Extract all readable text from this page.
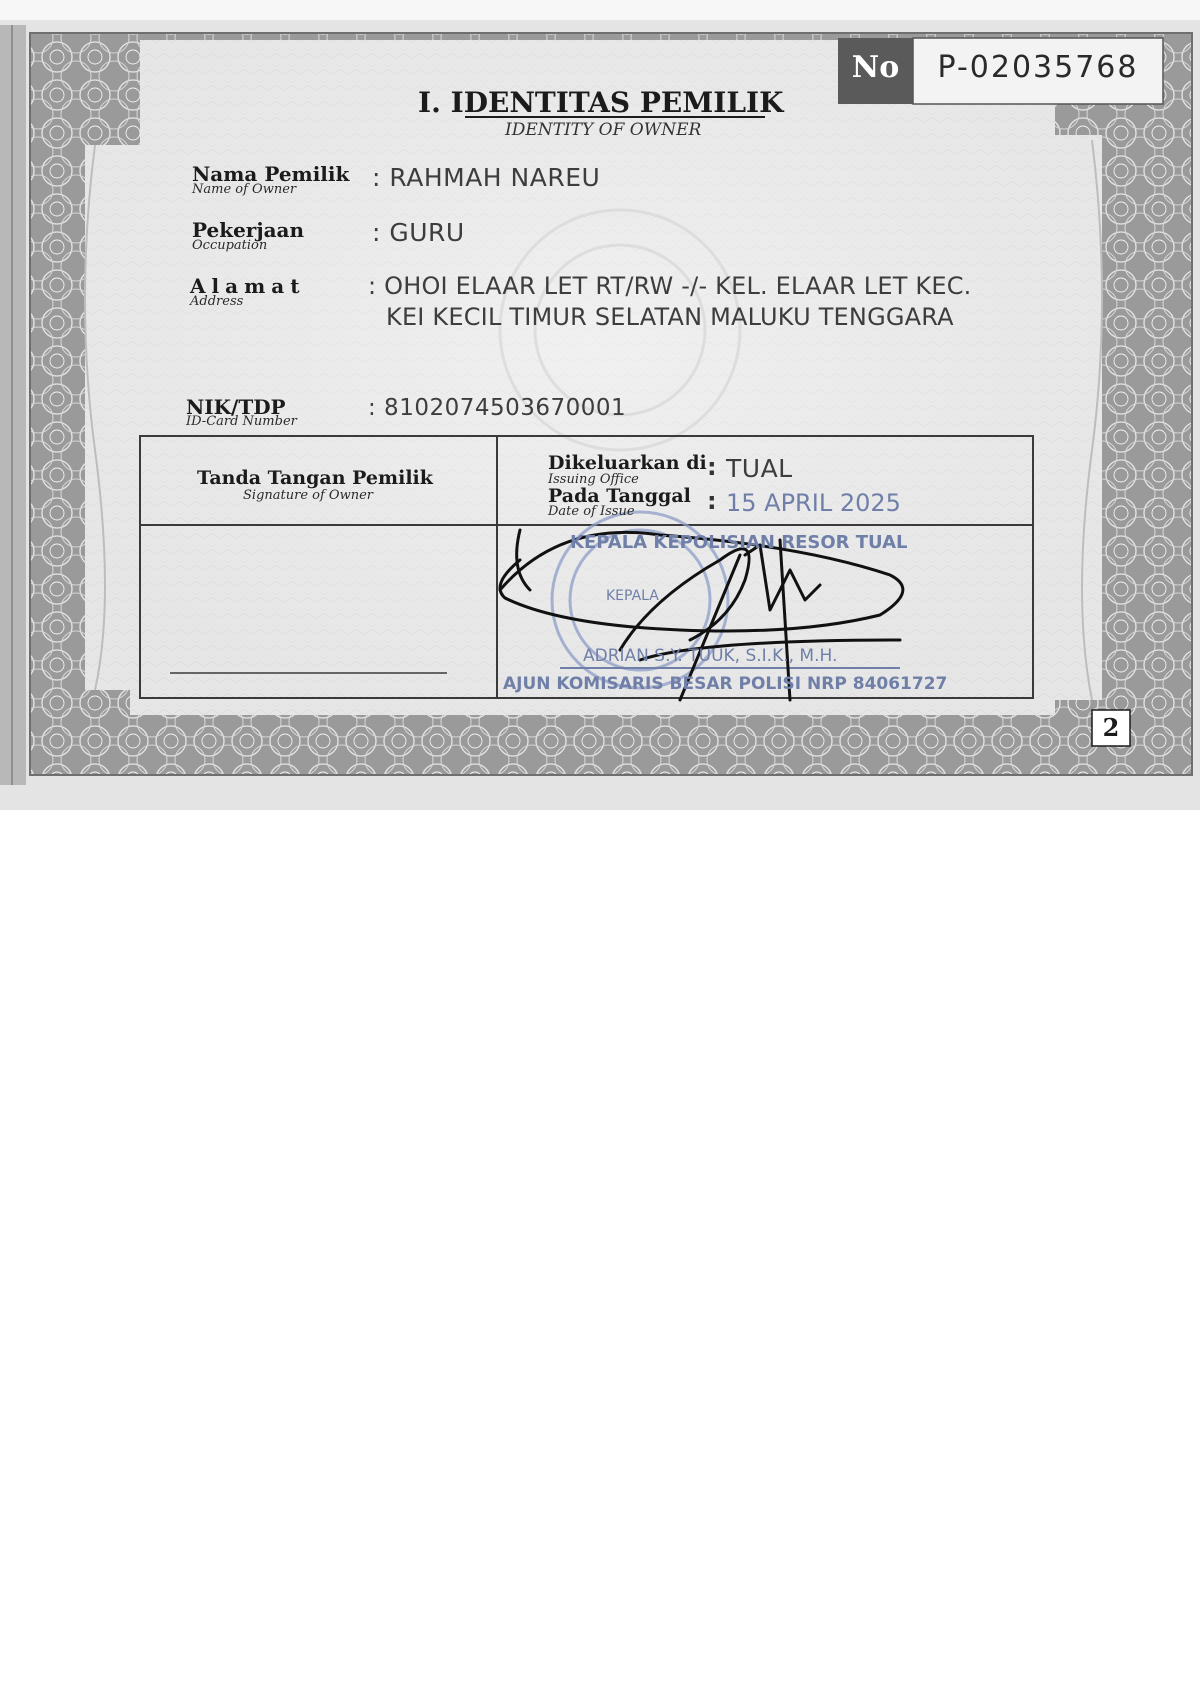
No	P-02035768
I. IDENTITAS PEMILIK
IDENTITY OF OWNER
Nama Pemilik
Name of Owner	: RAHMAH NAREU
Pekerjaan
Occupation	: GURU
Alamat
Address
: OHOI ELAAR LET RT/RW -/- KEL. ELAAR LET KEC.
KEI KECIL TIMUR SELATAN MALUKU TENGGARA
NIK/TDP
ID-Card Number
: 8102074503670001
Tanda Tangan Pemilik
Signature of Owner
Dikeluarkan di
Issuing Office	: TUAL
Pada Tanggal
Date of Issue	: 15 APRIL 2025
KEPALA KEPOLISIAN RESOR TUAL
KEPALA
ADRIAN S.Y. TUUK, S.I.K., M.H.
AJUN KOMISARIS BESAR POLISI NRP 84061727
2
